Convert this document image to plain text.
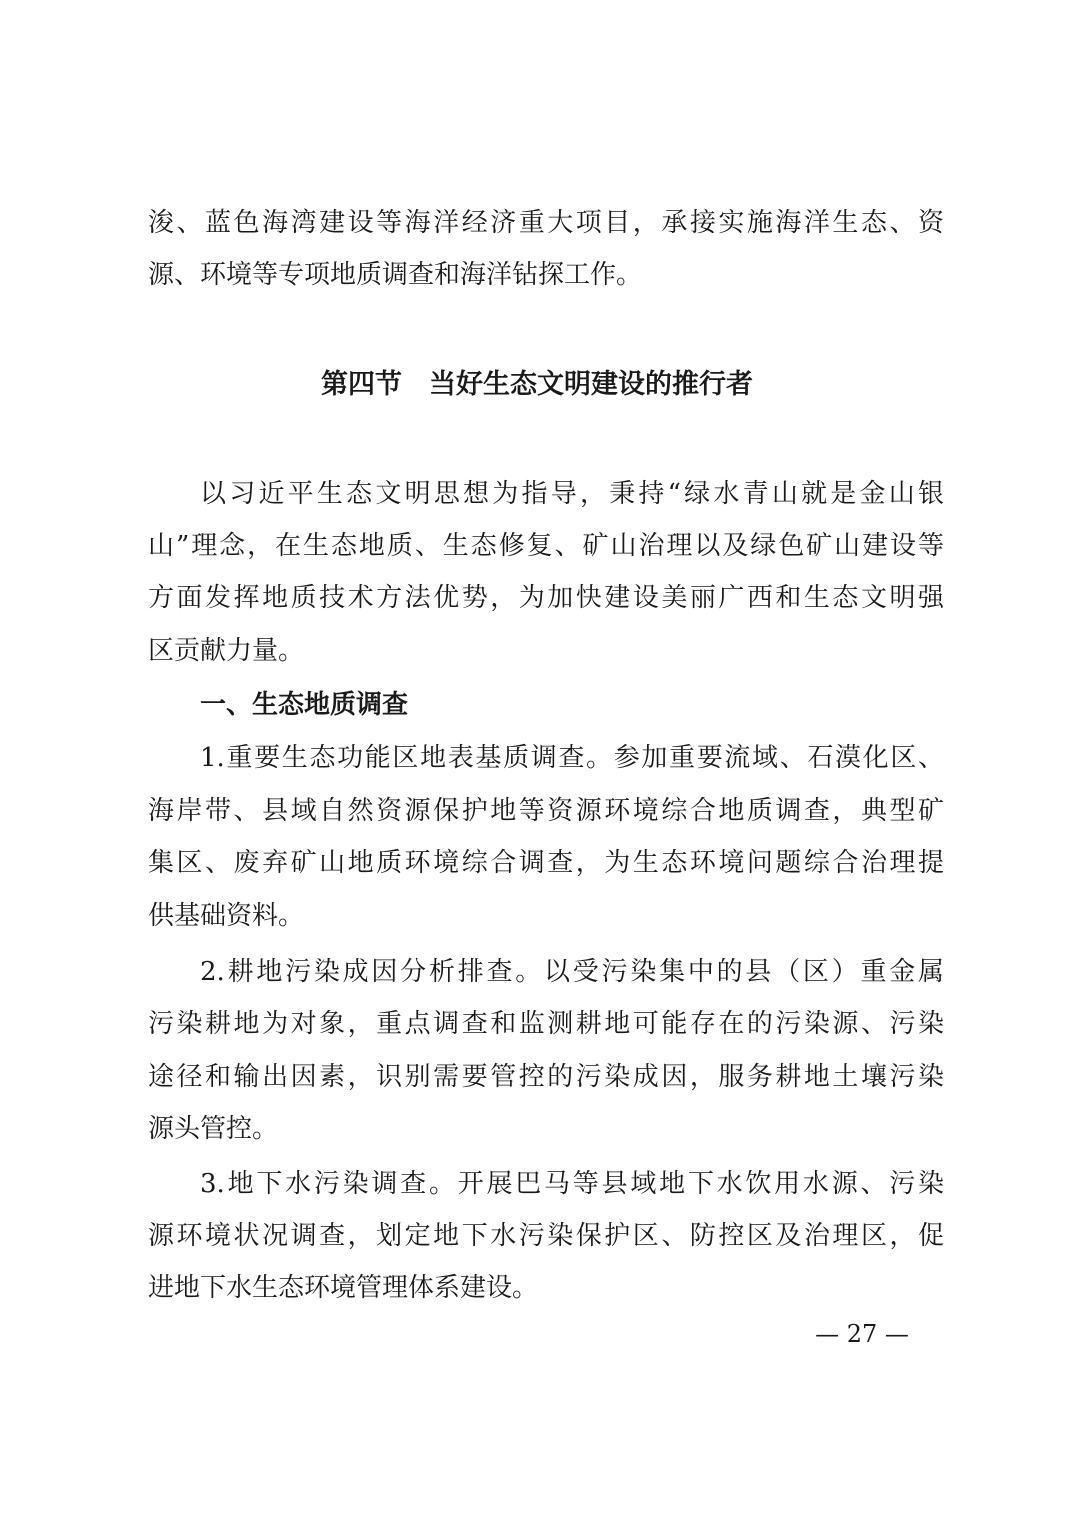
浚、蓝色海湾建设等海洋经济重大项目，承接实施海洋生态、资
源、环境等专项地质调查和海洋钻探工作。
第四节　当好生态文明建设的推行者
以习近平生态文明思想为指导，秉持“绿水青山就是金山银
山”理念，在生态地质、生态修复、矿山治理以及绿色矿山建设等
方面发挥地质技术方法优势，为加快建设美丽广西和生态文明强
区贡献力量。
一、生态地质调查
1.重要生态功能区地表基质调查。参加重要流域、石漠化区、
海岸带、县域自然资源保护地等资源环境综合地质调查，典型矿
集区、废弃矿山地质环境综合调查，为生态环境问题综合治理提
供基础资料。
2.耕地污染成因分析排查。以受污染集中的县（区）重金属
污染耕地为对象，重点调查和监测耕地可能存在的污染源、污染
途径和输出因素，识别需要管控的污染成因，服务耕地土壤污染
源头管控。
3.地下水污染调查。开展巴马等县域地下水饮用水源、污染
源环境状况调查，划定地下水污染保护区、防控区及治理区，促
进地下水生态环境管理体系建设。
— 27 —
